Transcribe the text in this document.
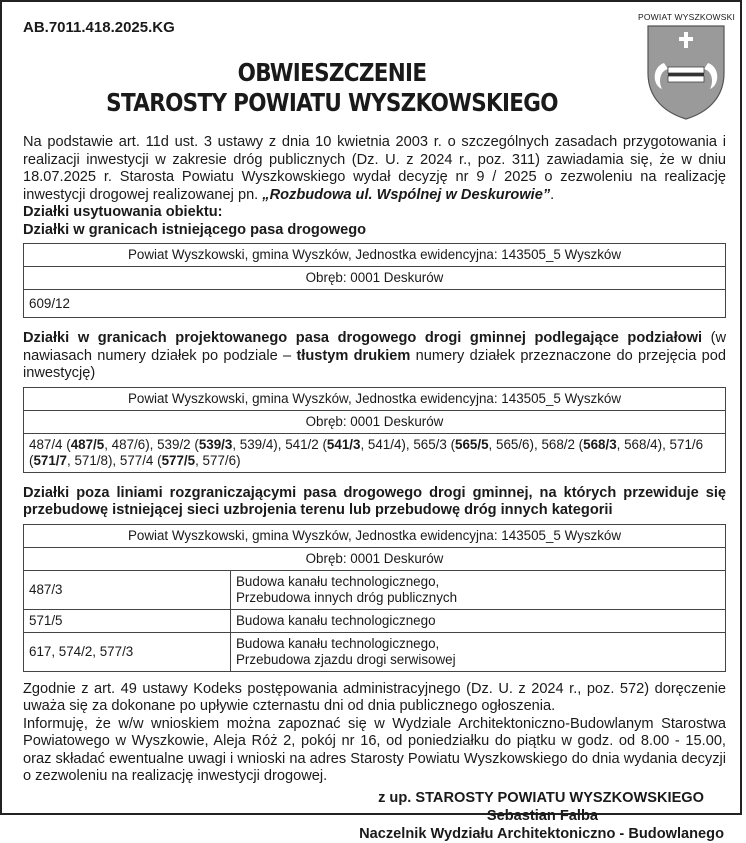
AB.7011.418.2025.KG
POWIAT WYSZKOWSKI
OBWIESZCZENIE
STAROSTY POWIATU WYSZKOWSKIEGO

Na podstawie art. 11d ust. 3 ustawy z dnia 10 kwietnia 2003 r. o szczególnych zasadach przygotowania i realizacji inwestycji w zakresie dróg publicznych (Dz. U. z 2024 r., poz. 311) zawiadamia się, że w dniu 18.07.2025 r. Starosta Powiatu Wyszkowskiego wydał decyzję nr 9 / 2025 o zezwoleniu na realizację inwestycji drogowej realizowanej pn. „Rozbudowa ul. Wspólnej w Deskurowie”.

Działki usytuowania obiektu:
Działki w granicach istniejącego pasa drogowego
Powiat Wyszkowski, gmina Wyszków, Jednostka ewidencyjna: 143505_5 Wyszków
Obręb: 0001 Deskurów
609/12

Działki w granicach projektowanego pasa drogowego drogi gminnej podlegające podziałowi (w nawiasach numery działek po podziale – tłustym drukiem numery działek przeznaczone do przejęcia pod inwestycję)

Powiat Wyszkowski, gmina Wyszków, Jednostka ewidencyjna: 143505_5 Wyszków
Obręb: 0001 Deskurów
487/4 (487/5, 487/6), 539/2 (539/3, 539/4), 541/2 (541/3, 541/4), 565/3 (565/5, 565/6), 568/2 (568/3, 568/4), 571/6 (571/7, 571/8), 577/4 (577/5, 577/6)

Działki poza liniami rozgraniczającymi pasa drogowego drogi gminnej, na których przewiduje się przebudowę istniejącej sieci uzbrojenia terenu lub przebudowę dróg innych kategorii

Powiat Wyszkowski, gmina Wyszków, Jednostka ewidencyjna: 143505_5 Wyszków	
Obręb: 0001 Deskurów	
487/3	Budowa kanału technologicznego,
Przebudowa innych dróg publicznych

571/5	Budowa kanału technologicznego

617, 574/2, 577/3	Budowa kanału technologicznego,
Przebudowa zjazdu drogi serwisowej

Zgodnie z art. 49 ustawy Kodeks postępowania administracyjnego (Dz. U. z 2024 r., poz. 572) doręczenie uważa się za dokonane po upływie czternastu dni od dnia publicznego ogłoszenia.

Informuję, że w/w wnioskiem można zapoznać się w Wydziale Architektoniczno-Budowlanym Starostwa Powiatowego w Wyszkowie, Aleja Róż 2, pokój nr 16, od poniedziałku do piątku w godz. od 8.00 - 15.00, oraz składać ewentualne uwagi i wnioski na adres Starosty Powiatu Wyszkowskiego do dnia wydania decyzji o zezwoleniu na realizację inwestycji drogowej.

z up. STAROSTY POWIATU WYSZKOWSKIEGO
Sebastian Falba
Naczelnik Wydziału Architektoniczno - Budowlanego
